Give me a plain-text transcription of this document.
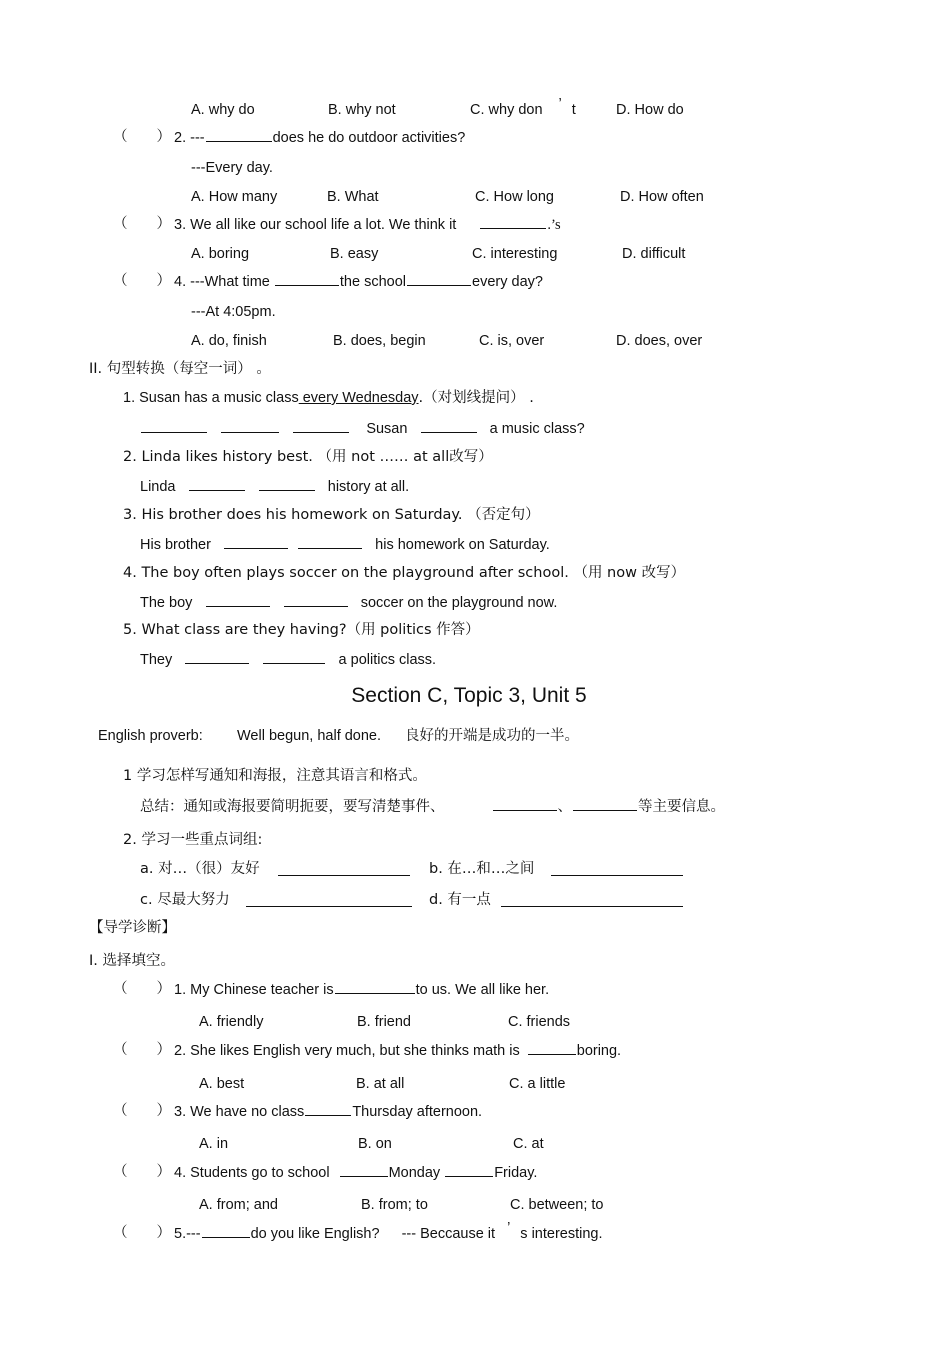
A. why do	B. why not	C. why don ’ t	D. How do
（　　） 2. ---	does he do outdoor activities?
---Every day.
A. How many	B. What	C. How long	D. How often
（　　） 3. We all like our school life a lot. We think it	.’s
A. boring	B. easy	C. interesting	D. difficult
（　　） 4. ---What time	the school	every day?
---At 4:05pm.
A. do, finish	B. does, begin	C. is, over	D. does, over
II. 句型转换（每空一词） 。
1. Susan has a music class every Wednesday.（对划线提问） .
Susan	a music class?
2. Linda likes history best. （用 not …… at all改写）
Linda	history at all.
3. His brother does his homework on Saturday. （否定句）
His brother	his homework on Saturday.
4. The boy often plays soccer on the playground after school. （用 now 改写）
The boy	soccer on the playground now.
5. What class are they having?（用 politics 作答）
They	a politics class.
Section C, Topic 3, Unit 5
English proverb: Well begun, half done. 良好的开端是成功的一半。
1 学习怎样写通知和海报，注意其语言和格式。
总结：通知或海报要简明扼要，要写清楚事件、	、	等主要信息。
2. 学习一些重点词组:
a. 对…（很）友好	b. 在…和…之间
c. 尽最大努力	d. 有一点
【导学诊断】
I. 选择填空。
（　　） 1. My Chinese teacher is	to us. We all like her.
A. friendly	B. friend	C. friends
（　　） 2. She likes English very much, but she thinks math is	boring.
A. best	B. at all	C. a little
（　　） 3. We have no class	Thursday afternoon.
A. in	B. on	C. at
（　　） 4. Students go to school	Monday	Friday.
A. from; and	B. from; to	C. between; to
（　　） 5.---	do you like English? --- Beccause it ’ s interesting.
